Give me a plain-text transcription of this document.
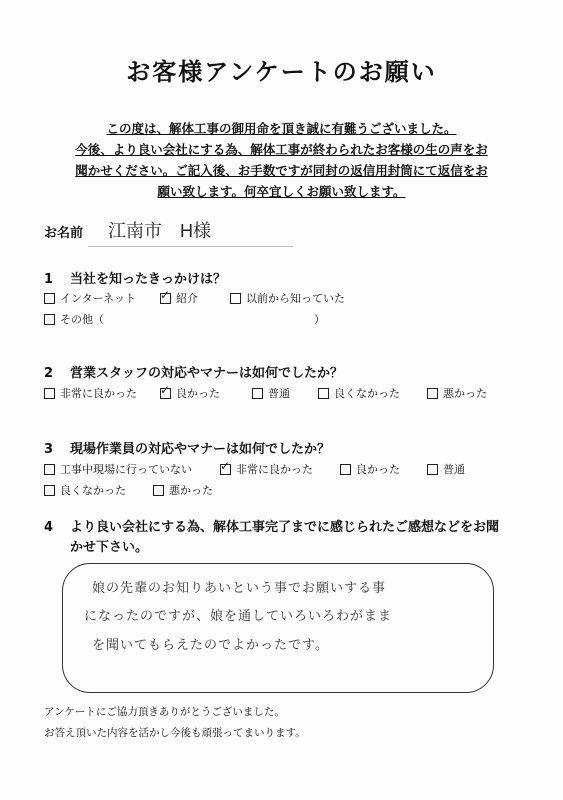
お客様アンケートのお願い
この度は、解体工事の御用命を頂き誠に有難うございました。
今後、より良い会社にする為、解体工事が終わられたお客様の生の声をお
聞かせください。ご記入後、お手数ですが同封の返信用封筒にて返信をお
願い致します。何卒宜しくお願い致します。
お名前 江南市　H様
1 当社を知ったきっかけは？
インターネット ✓	紹介	以前から知っていた
その他（	）
2 営業スタッフの対応やマナーは如何でしたか？
非常に良かった ✓	良かった	普通	良くなかった	悪かった
3 現場作業員の対応やマナーは如何でしたか？
工事中現場に行っていない ✓	非常に良かった	良かった	普通
良くなかった	悪かった
4 より良い会社にする為、解体工事完了までに感じられたご感想などをお聞
かせ下さい。
娘の先輩のお知りあいという事でお願いする事
になったのですが、娘を通していろいろわがまま
を聞いてもらえたのでよかったです。
アンケートにご協力頂きありがとうございました。
お答え頂いた内容を活かし今後も頑張ってまいります。
